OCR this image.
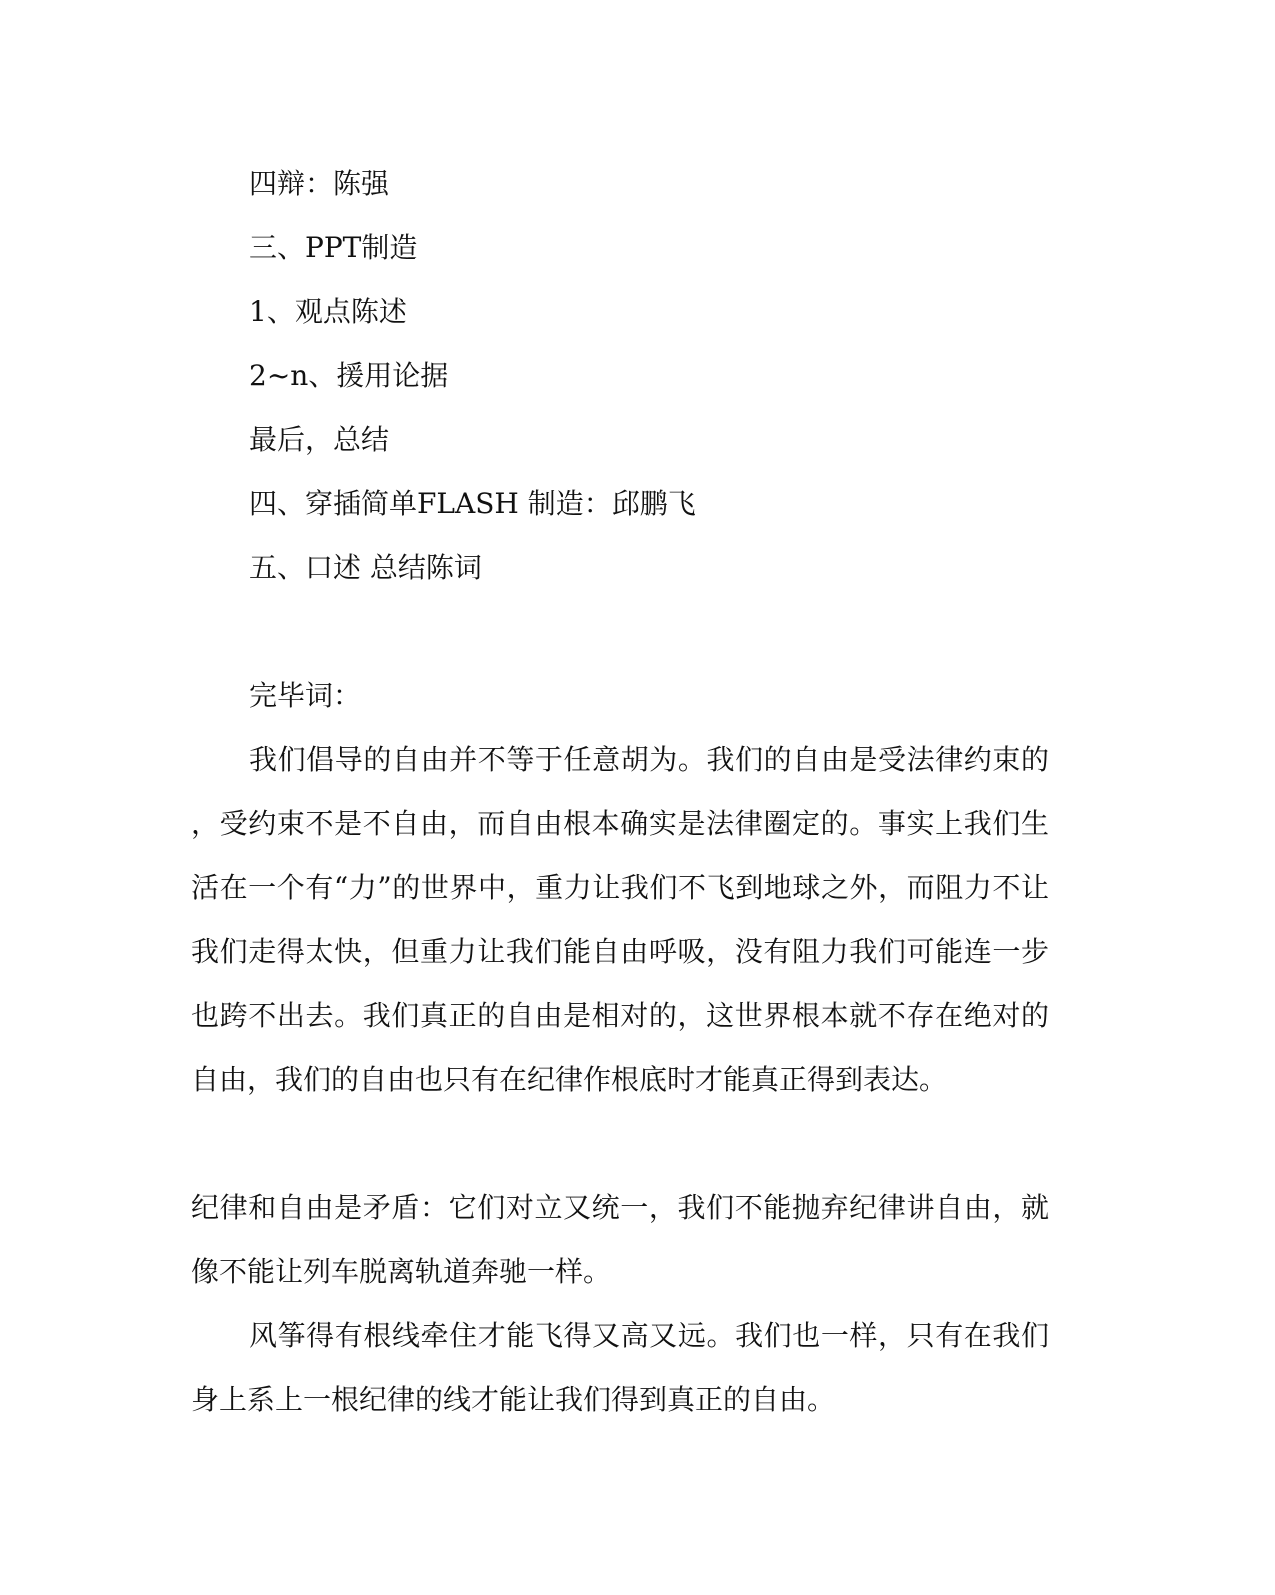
四辩：陈强

三、PPT制造

1、观点陈述

2~n、援用论据

最后，总结

四、穿插简单FLASH 制造：邱鹏飞

五、口述 总结陈词

完毕词：

我们倡导的自由并不等于任意胡为。我们的自由是受法律约束的

，受约束不是不自由，而自由根本确实是法律圈定的。事实上我们生

活在一个有“力”的世界中，重力让我们不飞到地球之外，而阻力不让

我们走得太快，但重力让我们能自由呼吸，没有阻力我们可能连一步

也跨不出去。我们真正的自由是相对的，这世界根本就不存在绝对的

自由，我们的自由也只有在纪律作根底时才能真正得到表达。

纪律和自由是矛盾：它们对立又统一，我们不能抛弃纪律讲自由，就

像不能让列车脱离轨道奔驰一样。

风筝得有根线牵住才能飞得又高又远。我们也一样，只有在我们

身上系上一根纪律的线才能让我们得到真正的自由。
